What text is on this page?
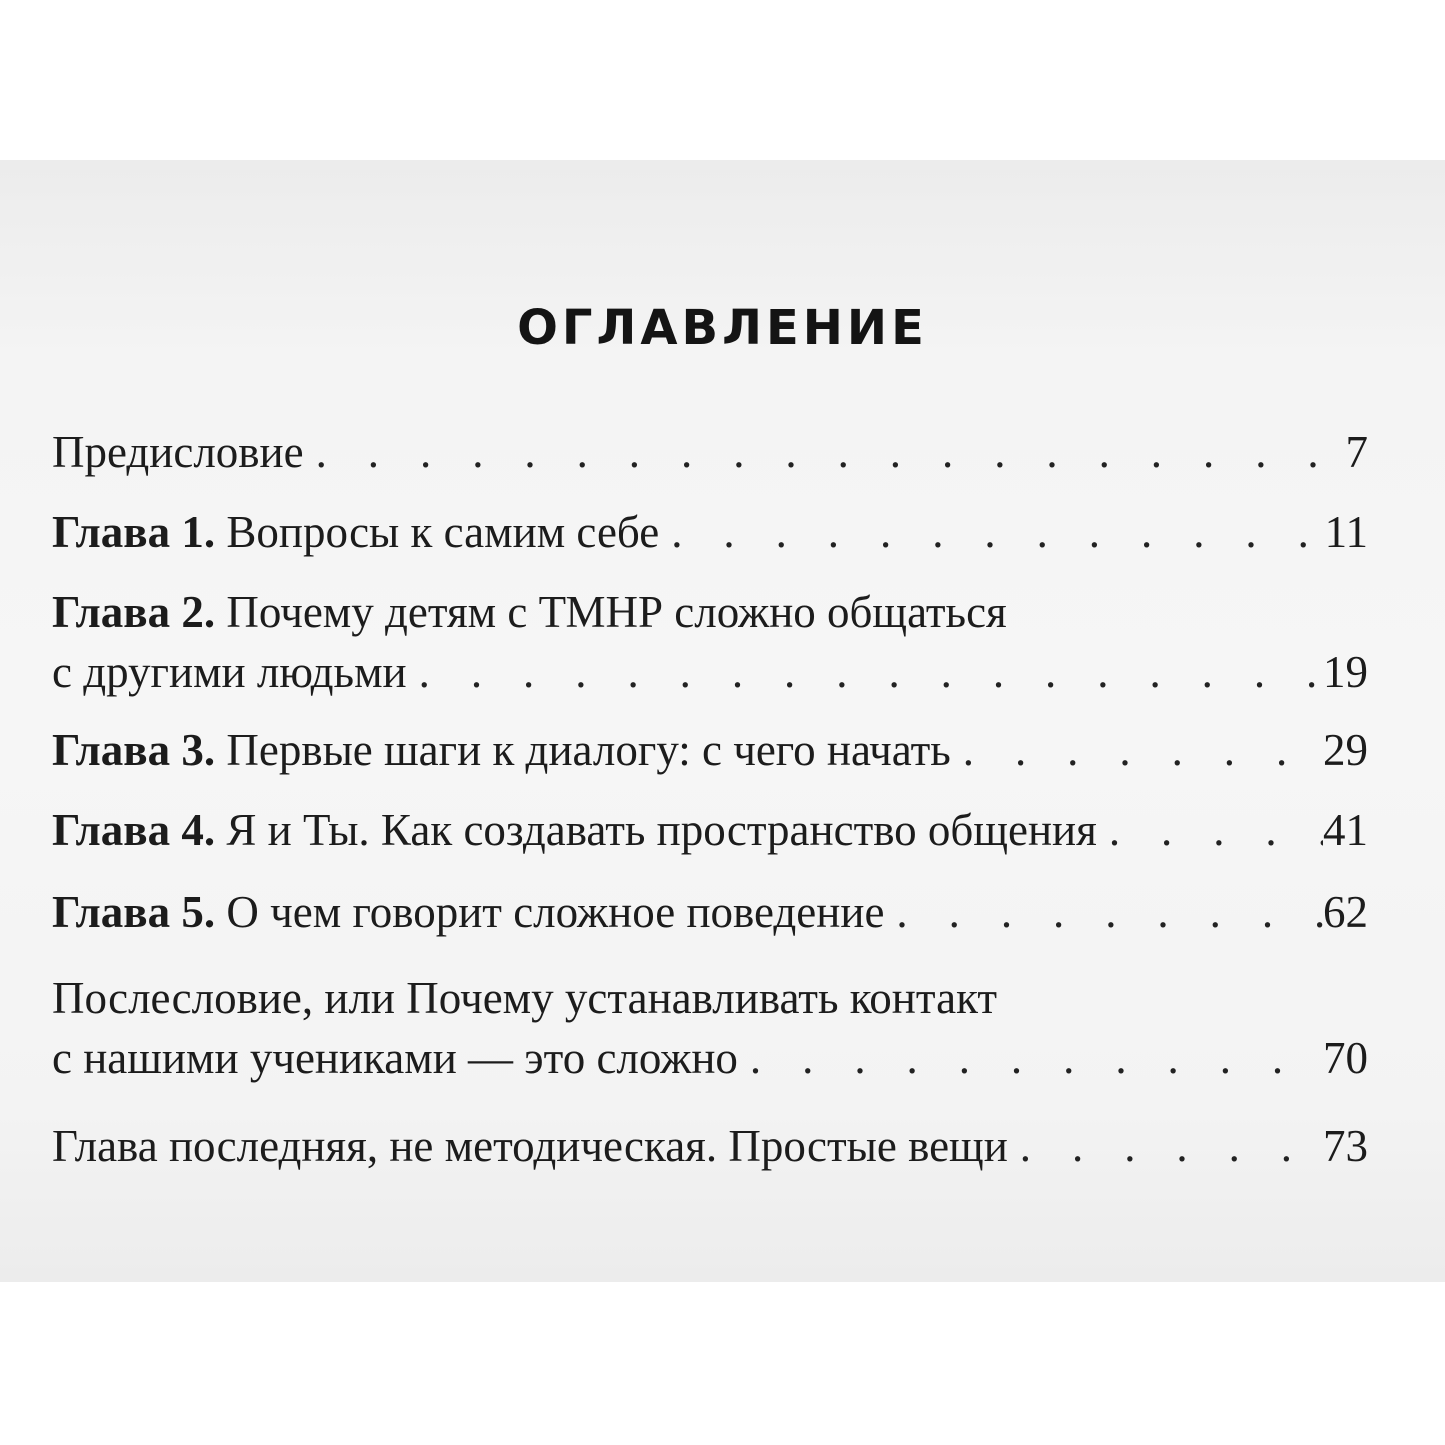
ОГЛАВЛЕНИЕ
Предисловие . . .	7
Глава 1. Вопросы к самим себе . . .	11
Глава 2. Почему детям с ТМНР сложно общаться
с другими людьми . . .	19
Глава 3. Первые шаги к диалогу: с чего начать . . .	29
Глава 4. Я и Ты. Как создавать пространство общения . . .	41
Глава 5. О чем говорит сложное поведение . . .	62
Послесловие, или Почему устанавливать контакт
с нашими учениками — это сложно . . .	70
Глава последняя, не методическая. Простые вещи . . .	73
